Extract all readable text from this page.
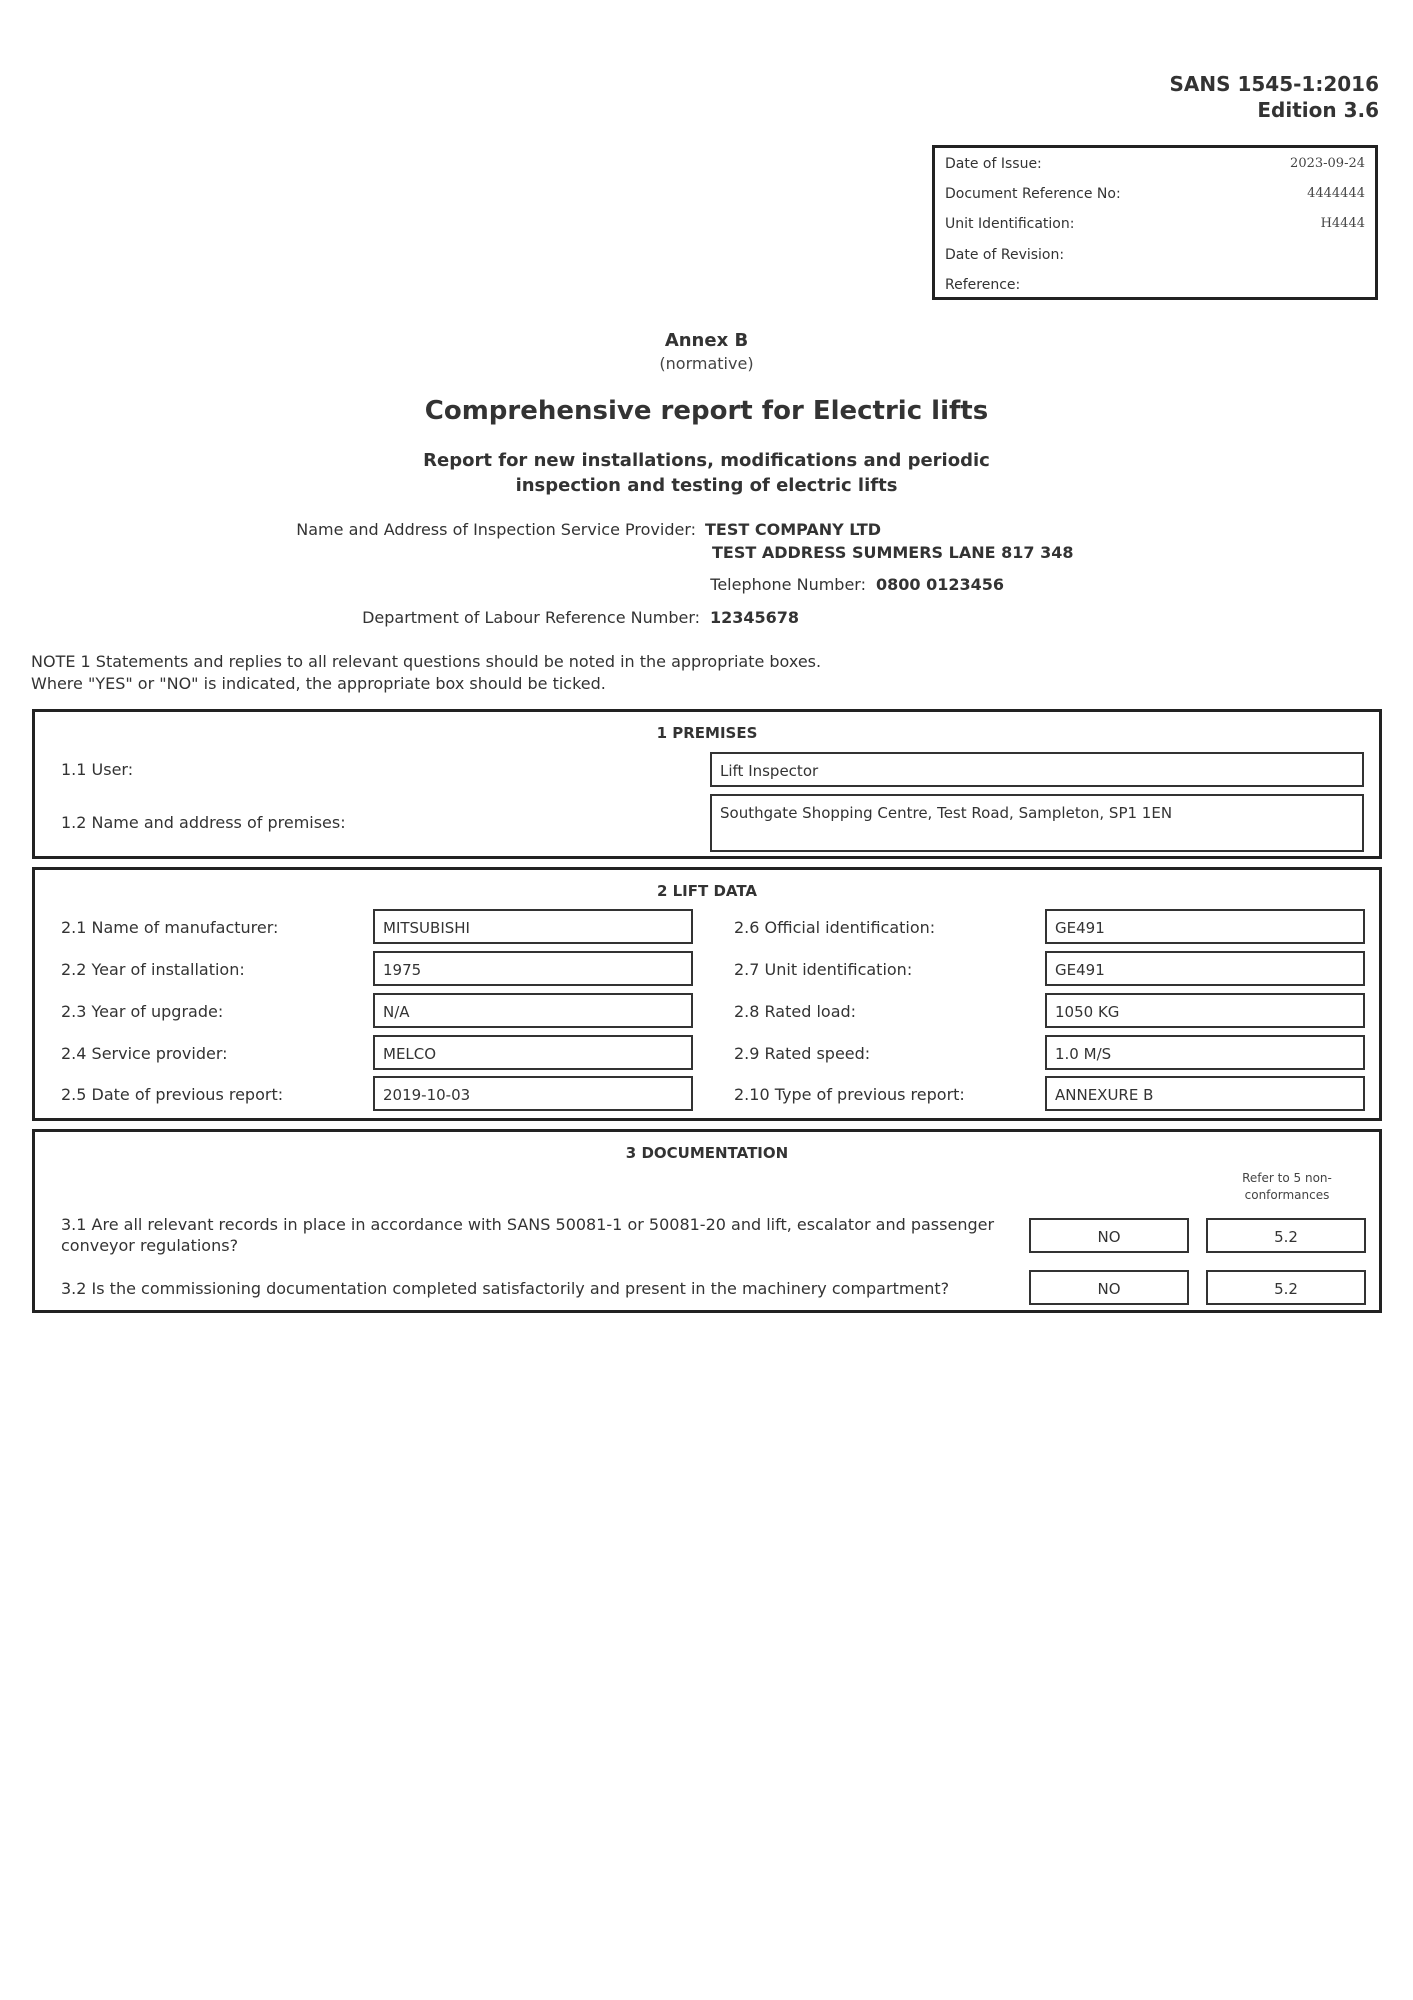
SANS 1545-1:2016
Edition 3.6
Date of Issue:	2023-09-24
Document Reference No:	4444444
Unit Identification:	H4444
Date of Revision:
Reference:
Annex B
(normative)
Comprehensive report for Electric lifts
Report for new installations, modifications and periodic
inspection and testing of electric lifts
Name and Address of Inspection Service Provider: TEST COMPANY LTD
TEST ADDRESS SUMMERS LANE 817 348
Telephone Number: 0800 0123456
Department of Labour Reference Number: 12345678
NOTE 1 Statements and replies to all relevant questions should be noted in the appropriate boxes.
Where "YES" or "NO" is indicated, the appropriate box should be ticked.
1 PREMISES
1.1 User:	Lift Inspector
1.2 Name and address of premises:	Southgate Shopping Centre, Test Road, Sampleton, SP1 1EN
2 LIFT DATA
2.1 Name of manufacturer:	MITSUBISHI
2.2 Year of installation:	1975
2.3 Year of upgrade:	N/A
2.4 Service provider:	MELCO
2.5 Date of previous report:	2019-10-03
2.6 Official identification:	GE491
2.7 Unit identification:	GE491
2.8 Rated load:	1050 KG
2.9 Rated speed:	1.0 M/S
2.10 Type of previous report:	ANNEXURE B
3 DOCUMENTATION
Refer to 5 non-
conformances
3.1 Are all relevant records in place in accordance with SANS 50081-1 or 50081-20 and lift, escalator and passenger
conveyor regulations?	NO	5.2
3.2 Is the commissioning documentation completed satisfactorily and present in the machinery compartment?	NO	5.2
